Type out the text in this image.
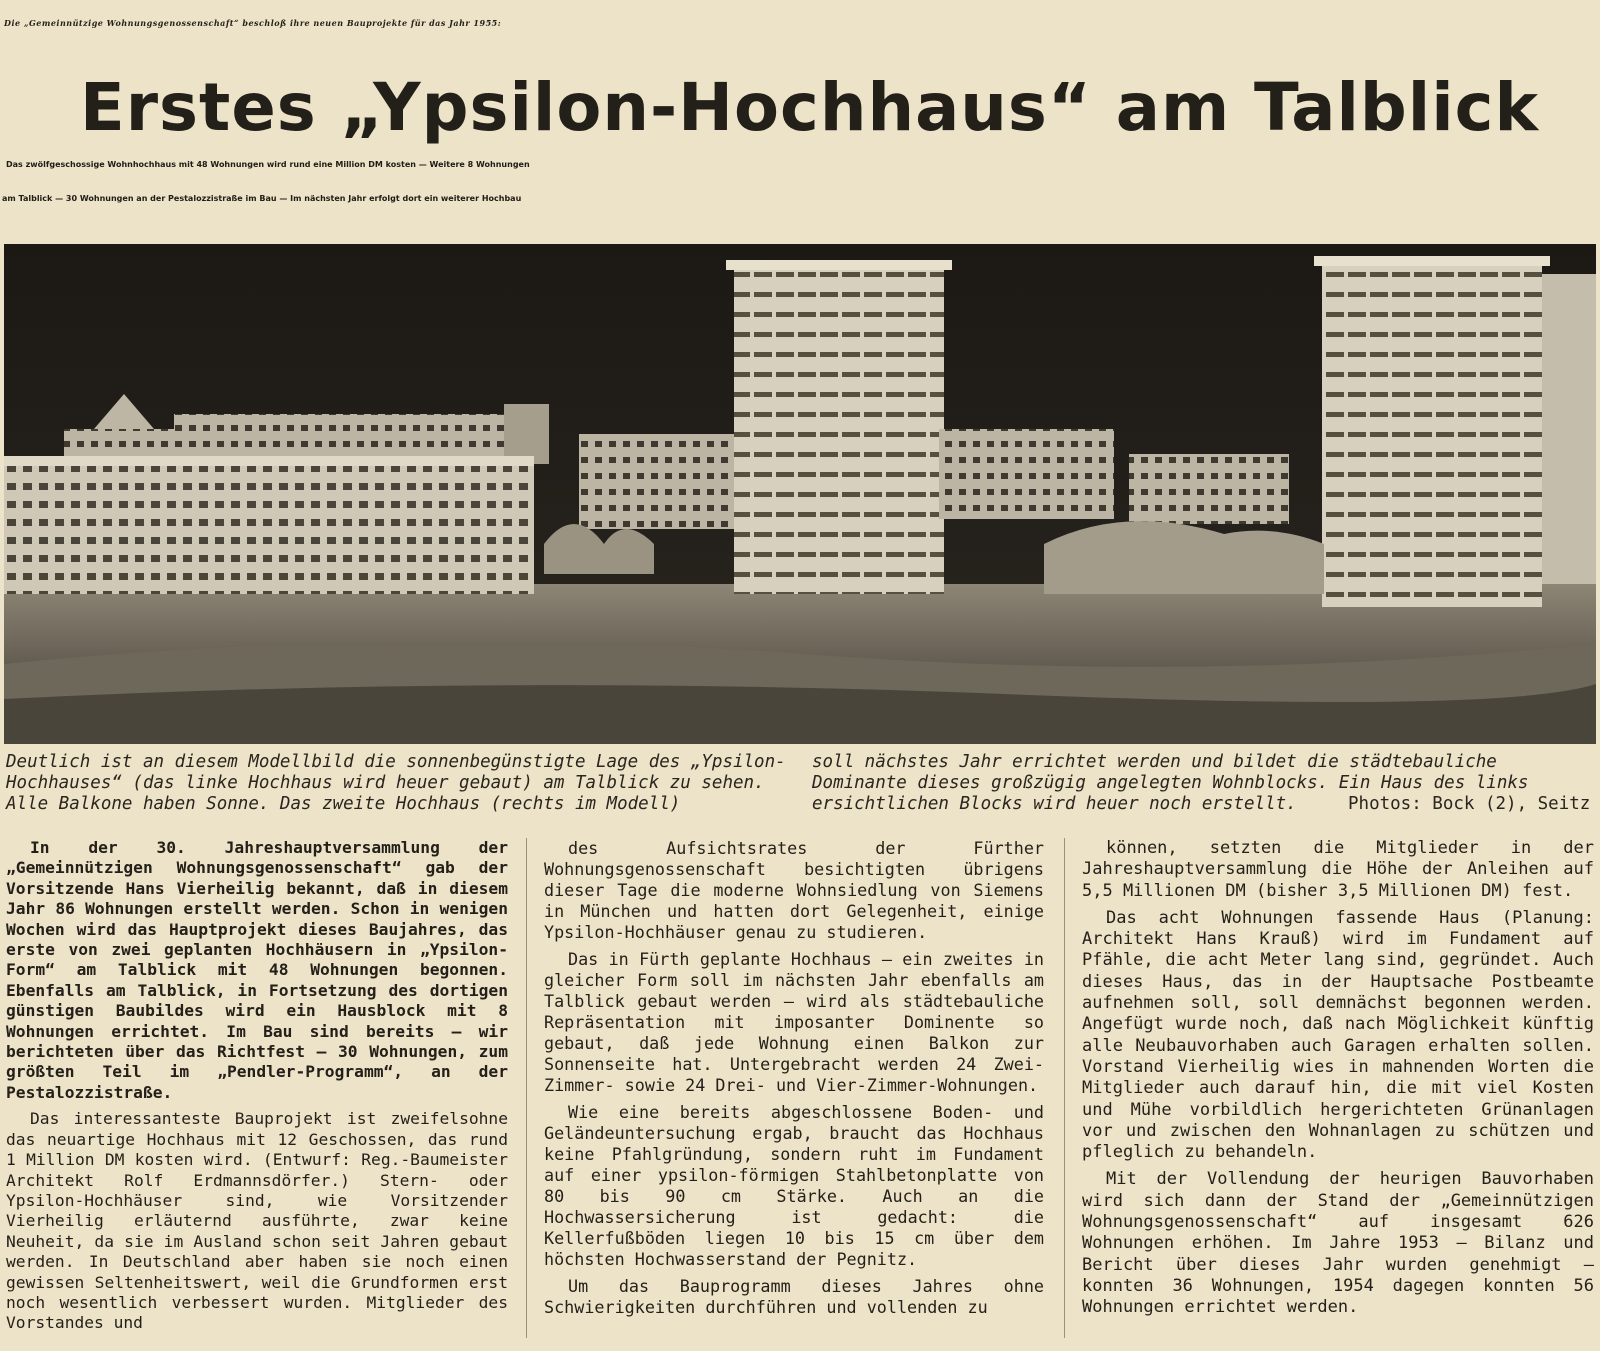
Die „Gemeinnützige Wohnungsgenossenschaft“ beschloß ihre neuen Bauprojekte für das Jahr 1955:
Erstes „Ypsilon-Hochhaus“ am Talblick
Das zwölfgeschossige Wohnhochhaus mit 48 Wohnungen wird rund eine Million DM kosten — Weitere 8 Wohnungen
am Talblick — 30 Wohnungen an der Pestalozzistraße im Bau — Im nächsten Jahr erfolgt dort ein weiterer Hochbau
Deutlich ist an diesem Modellbild die sonnenbegünstigte Lage des „Ypsilon-Hochhauses“ (das linke Hochhaus wird heuer gebaut) am Talblick zu sehen. Alle Balkone haben Sonne. Das zweite Hochhaus (rechts im Modell)
soll nächstes Jahr errichtet werden und bildet die städtebauliche Dominante dieses großzügig angelegten Wohnblocks. Ein Haus des links ersichtlichen Blocks wird heuer noch erstellt.	Photos: Bock (2), Seitz

In der 30. Jahreshauptversammlung der „Gemeinnützigen Wohnungsgenossenschaft“ gab der Vorsitzende Hans Vierheilig bekannt, daß in diesem Jahr 86 Wohnungen erstellt werden. Schon in wenigen Wochen wird das Hauptprojekt dieses Baujahres, das erste von zwei geplanten Hochhäusern in „Ypsilon-Form“ am Talblick mit 48 Wohnungen begonnen. Ebenfalls am Talblick, in Fortsetzung des dortigen günstigen Baubildes wird ein Hausblock mit 8 Wohnungen errichtet. Im Bau sind bereits — wir berichteten über das Richtfest — 30 Wohnungen, zum größten Teil im „Pendler-Programm“, an der Pestalozzistraße.

Das interessanteste Bauprojekt ist zweifelsohne das neuartige Hochhaus mit 12 Geschossen, das rund 1 Million DM kosten wird. (Entwurf: Reg.-Baumeister Architekt Rolf Erdmannsdörfer.) Stern- oder Ypsilon-Hochhäuser sind, wie Vorsitzender Vierheilig erläuternd ausführte, zwar keine Neuheit, da sie im Ausland schon seit Jahren gebaut werden. In Deutschland aber haben sie noch einen gewissen Seltenheitswert, weil die Grundformen erst noch wesentlich verbessert wurden. Mitglieder des Vorstandes und

des Aufsichtsrates der Fürther Wohnungsgenossenschaft besichtigten übrigens dieser Tage die moderne Wohnsiedlung von Siemens in München und hatten dort Gelegenheit, einige Ypsilon-Hochhäuser genau zu studieren.

Das in Fürth geplante Hochhaus — ein zweites in gleicher Form soll im nächsten Jahr ebenfalls am Talblick gebaut werden — wird als städtebauliche Repräsentation mit imposanter Dominente so gebaut, daß jede Wohnung einen Balkon zur Sonnenseite hat. Untergebracht werden 24 Zwei-Zimmer- sowie 24 Drei- und Vier-Zimmer-Wohnungen.

Wie eine bereits abgeschlossene Boden- und Geländeuntersuchung ergab, braucht das Hochhaus keine Pfahlgründung, sondern ruht im Fundament auf einer ypsilon-förmigen Stahlbetonplatte von 80 bis 90 cm Stärke. Auch an die Hochwassersicherung ist gedacht: die Kellerfußböden liegen 10 bis 15 cm über dem höchsten Hochwasserstand der Pegnitz.

Um das Bauprogramm dieses Jahres ohne Schwierigkeiten durchführen und vollenden zu

können, setzten die Mitglieder in der Jahreshauptversammlung die Höhe der Anleihen auf 5,5 Millionen DM (bisher 3,5 Millionen DM) fest.

Das acht Wohnungen fassende Haus (Planung: Architekt Hans Krauß) wird im Fundament auf Pfähle, die acht Meter lang sind, gegründet. Auch dieses Haus, das in der Hauptsache Postbeamte aufnehmen soll, soll demnächst begonnen werden. Angefügt wurde noch, daß nach Möglichkeit künftig alle Neubauvorhaben auch Garagen erhalten sollen. Vorstand Vierheilig wies in mahnenden Worten die Mitglieder auch darauf hin, die mit viel Kosten und Mühe vorbildlich hergerichteten Grünanlagen vor und zwischen den Wohnanlagen zu schützen und pfleglich zu behandeln.

Mit der Vollendung der heurigen Bauvorhaben wird sich dann der Stand der „Gemeinnützigen Wohnungsgenossenschaft“ auf insgesamt 626 Wohnungen erhöhen. Im Jahre 1953 — Bilanz und Bericht über dieses Jahr wurden genehmigt — konnten 36 Wohnungen, 1954 dagegen konnten 56 Wohnungen errichtet werden.
